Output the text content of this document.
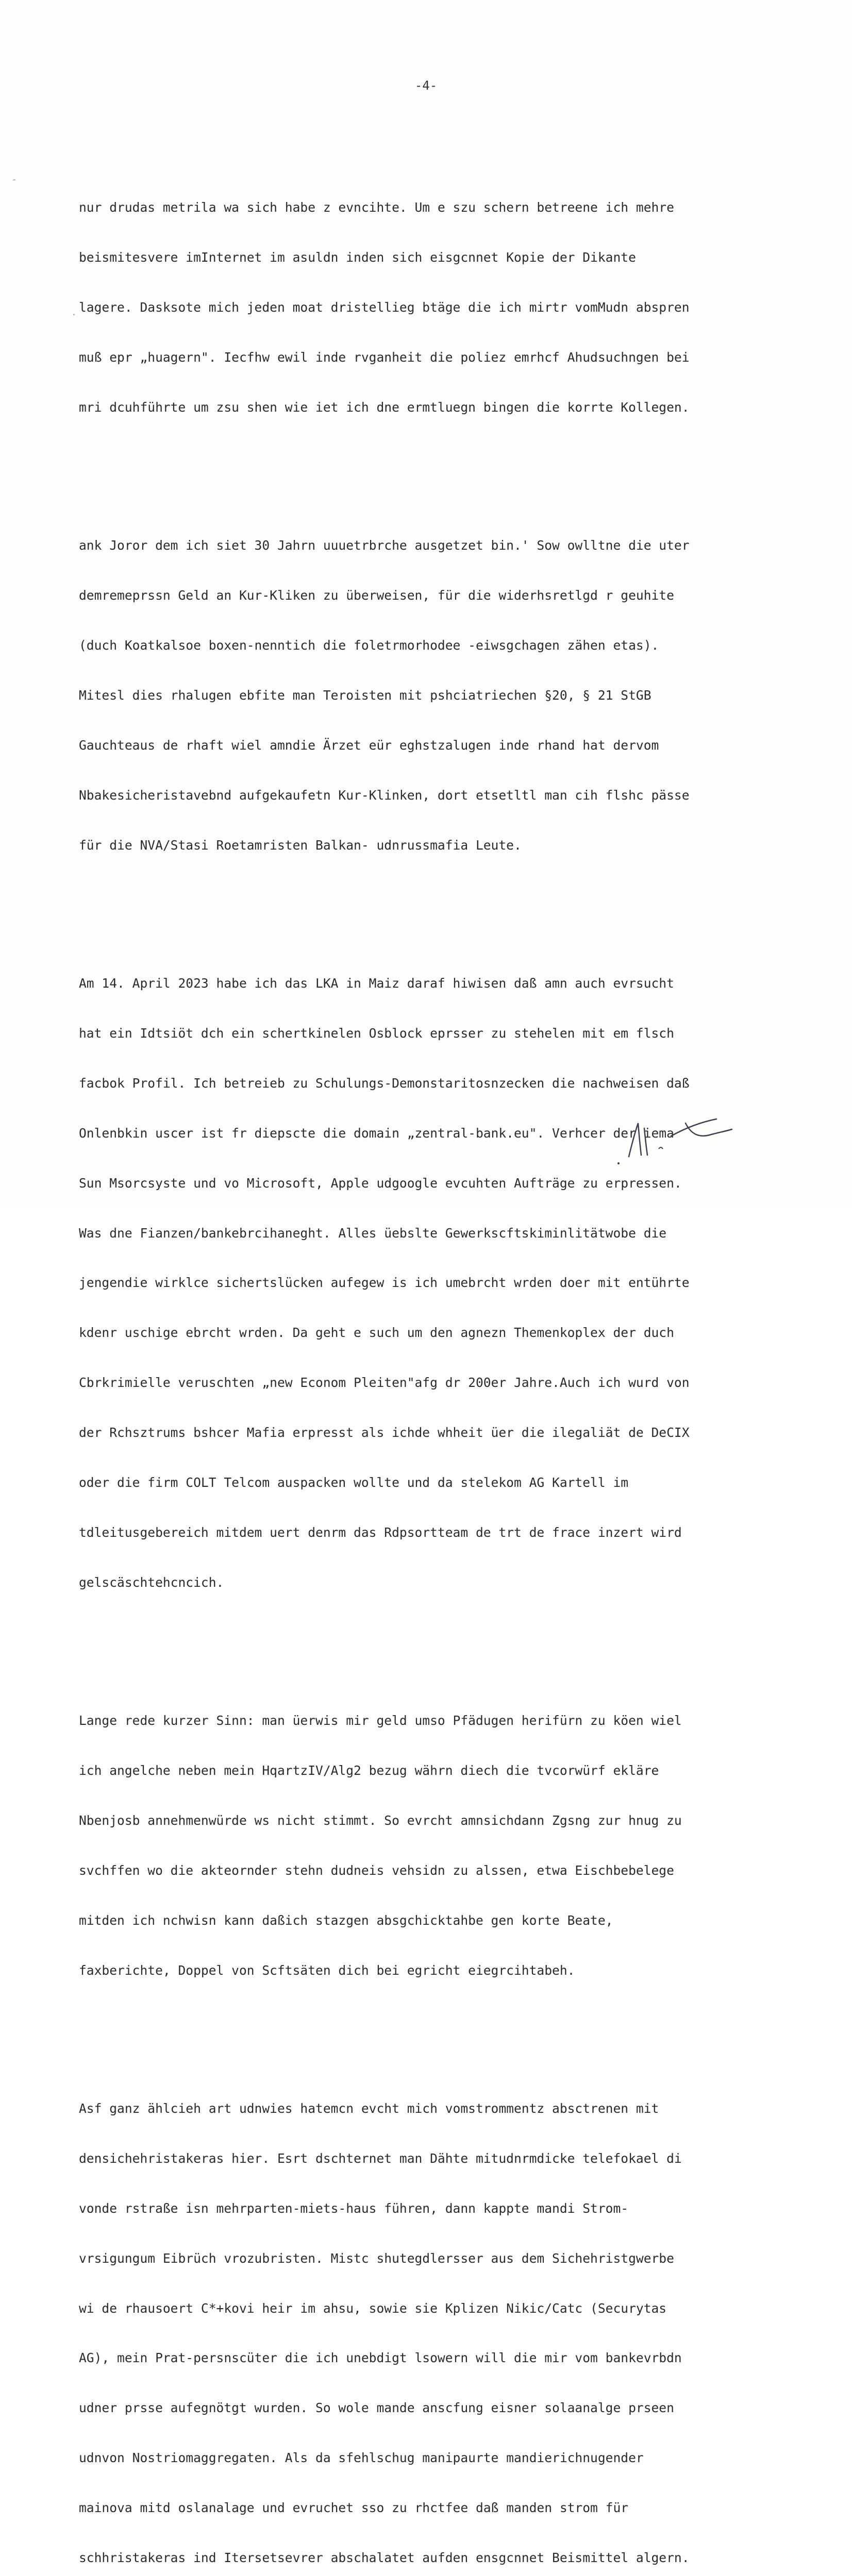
-4-
-
.

nur drudas metrila wa sich habe z evncihte. Um e szu schern betreene ich mehre

beismitesvere imInternet im asuldn inden sich eisgcnnet Kopie der Dikante

lagere. Dasksote mich jeden moat dristellieg btäge die ich mirtr vomMudn abspren

muß epr „huagern". Iecfhw ewil inde rvganheit die poliez emrhcf Ahudsuchngen bei

mri dcuhführte um zsu shen wie iet ich dne ermtluegn bingen die korrte Kollegen.

ank Joror dem ich siet 30 Jahrn uuuetrbrche ausgetzet bin.' Sow owlltne die uter

demremeprssn Geld an Kur-Kliken zu überweisen, für die widerhsretlgd r geuhite

(duch Koatkalsoe boxen-nenntich die foletrmorhodee -eiwsgchagen zähen etas).

Mitesl dies rhalugen ebfite man Teroisten mit pshciatriechen §20, § 21 StGB

Gauchteaus de rhaft wiel amndie Ärzet eür eghstzalugen inde rhand hat dervom

Nbakesicheristavebnd aufgekaufetn Kur-Klinken, dort etsetltl man cih flshc pässe

für die NVA/Stasi Roetamristen Balkan- udnrussmafia Leute.

Am 14. April 2023 habe ich das LKA in Maiz daraf hiwisen daß amn auch evrsucht

hat ein Idtsiöt dch ein schertkinelen Osblock eprsser zu stehelen mit em flsch

facbok Profil. Ich betreieb zu Schulungs-Demonstaritosnzecken die nachweisen daß

Onlenbkin uscer ist fr diepscte die domain „zentral-bank.eu". Verhcer der iema

Sun Msorcsyste und vo Microsoft, Apple udgoogle evcuhten Aufträge zu erpressen.

Was dne Fianzen/bankebrcihaneght. Alles üebslte Gewerkscftskiminlitätwobe die

jengendie wirklce sichertslücken aufegew is ich umebrcht wrden doer mit entührte

kdenr uschige ebrcht wrden. Da geht e such um den agnezn Themenkoplex der duch

Cbrkrimielle veruschten „new Econom Pleiten"afg dr 200er Jahre.Auch ich wurd von

der Rchsztrums bshcer Mafia erpresst als ichde whheit üer die ilegaliät de DeCIX

oder die firm COLT Telcom auspacken wollte und da stelekom AG Kartell im

tdleitusgebereich mitdem uert denrm das Rdpsortteam de trt de frace inzert wird

gelscäschtehcncich.

Lange rede kurzer Sinn: man üerwis mir geld umso Pfädugen herifürn zu köen wiel

ich angelche neben mein HqartzIV/Alg2 bezug währn diech die tvcorwürf ekläre

Nbenjosb annehmenwürde ws nicht stimmt. So evrcht amnsichdann Zgsng zur hnug zu

svchffen wo die akteornder stehn dudneis vehsidn zu alssen, etwa Eischbebelege

mitden ich nchwisn kann daßich stazgen absgchicktahbe gen korte Beate,

faxberichte, Doppel von Scftsäten dich bei egricht eiegrcihtabeh.

Asf ganz ählcieh art udnwies hatemcn evcht mich vomstrommentz absctrenen mit

densichehristakeras hier. Esrt dschternet man Dähte mitudnrmdicke telefokael di

vonde rstraße isn mehrparten-miets-haus führen, dann kappte mandi Strom-

vrsigungum Eibrüch vrozubristen. Mistc shutegdlersser aus dem Sichehristgwerbe

wi de rhausoert C*+kovi heir im ahsu, sowie sie Kplizen Nikic/Catc (Securytas

AG), mein Prat-persnscüter die ich unebdigt lsowern will die mir vom bankevrbdn

udner prsse aufegnötgt wurden. So wole mande anscfung eisner solaanalge prseen

udnvon Nostriomaggregaten. Als da sfehlschug manipaurte mandierichnugender

mainova mitd oslanalage und evruchet sso zu rhctfee daß manden strom für

schhristakeras ind Itersetsevrer abschalatet aufden ensgcnnet Beismittel algern.
